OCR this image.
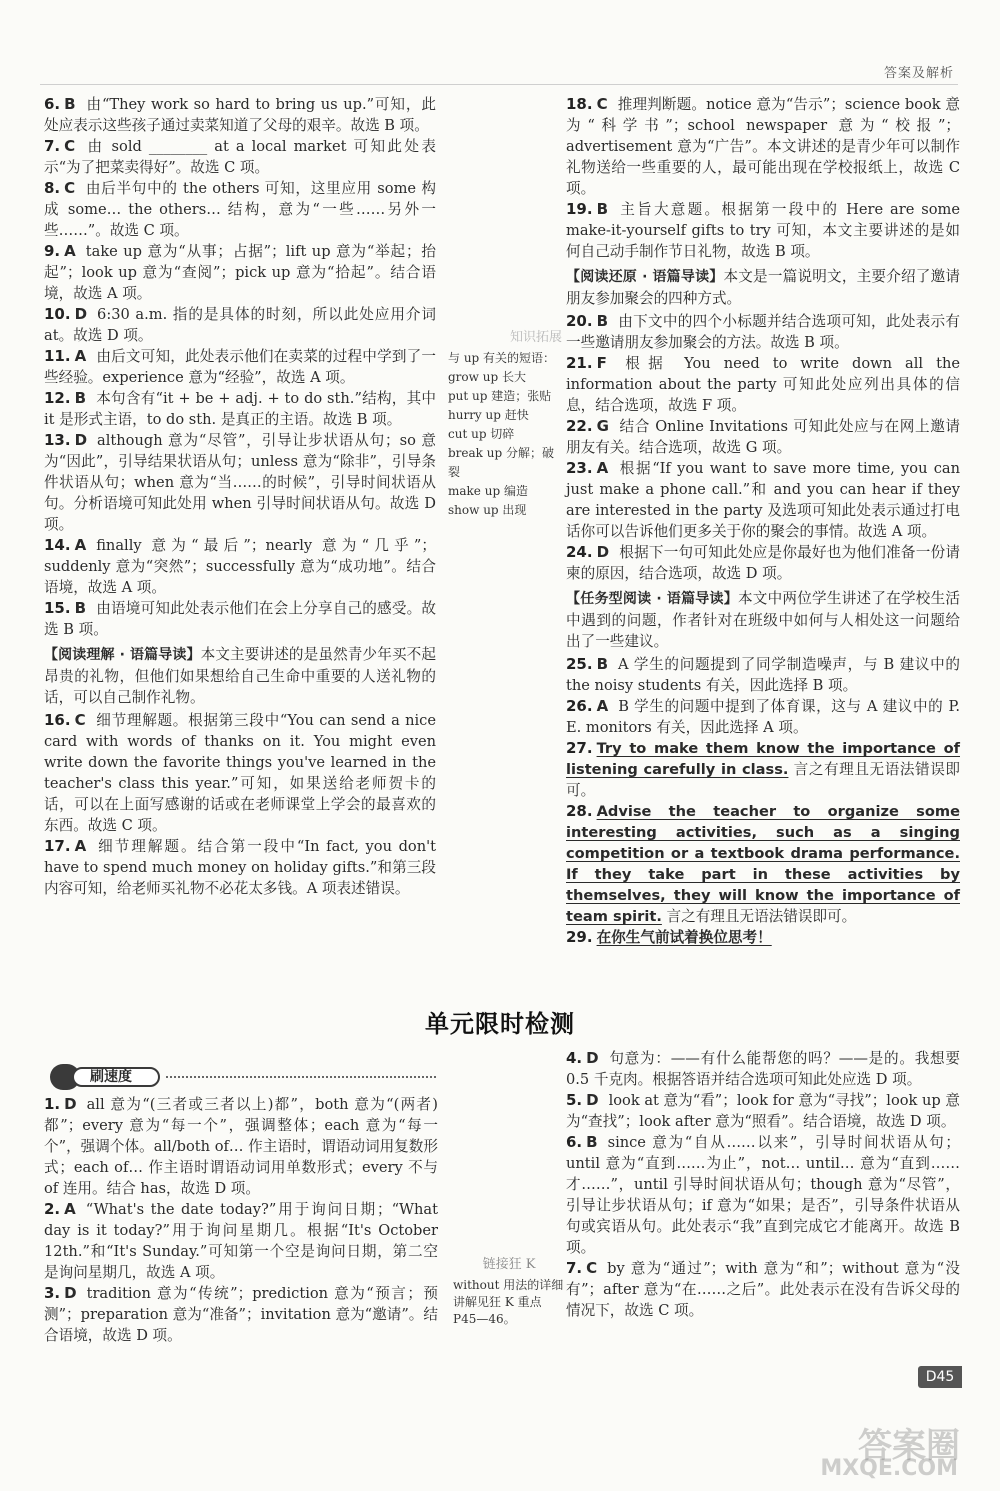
答案及解析
6. B 由“They work so hard to bring us up.”可知，此处应表示这些孩子通过卖菜知道了父母的艰辛。故选 B 项。
7. C 由 sold ________ at a local market 可知此处表示“为了把菜卖得好”。故选 C 项。
8. C 由后半句中的 the others 可知，这里应用 some 构成 some… the others… 结构，意为“一些……另外一些……”。故选 C 项。
9. A take up 意为“从事；占据”；lift up 意为“举起；抬起”；look up 意为“查阅”；pick up 意为“拾起”。结合语境，故选 A 项。
10. D 6:30 a.m. 指的是具体的时刻，所以此处应用介词 at。故选 D 项。
11. A 由后文可知，此处表示他们在卖菜的过程中学到了一些经验。experience 意为“经验”，故选 A 项。
12. B 本句含有“it + be + adj. + to do sth.”结构，其中 it 是形式主语，to do sth. 是真正的主语。故选 B 项。
13. D although 意为“尽管”，引导让步状语从句；so 意为“因此”，引导结果状语从句；unless 意为“除非”，引导条件状语从句；when 意为“当……的时候”，引导时间状语从句。分析语境可知此处用 when 引导时间状语从句。故选 D 项。
14. A finally 意为“最后”；nearly 意为“几乎”；suddenly 意为“突然”；successfully 意为“成功地”。结合语境，故选 A 项。
15. B 由语境可知此处表示他们在会上分享自己的感受。故选 B 项。
【阅读理解 · 语篇导读】本文主要讲述的是虽然青少年买不起昂贵的礼物，但他们如果想给自己生命中重要的人送礼物的话，可以自己制作礼物。
16. C 细节理解题。根据第三段中“You can send a nice card with words of thanks on it. You might even write down the favorite things you've learned in the teacher's class this year.”可知，如果送给老师贺卡的话，可以在上面写感谢的话或在老师课堂上学会的最喜欢的东西。故选 C 项。
17. A 细节理解题。结合第一段中“In fact, you don't have to spend much money on holiday gifts.”和第三段内容可知，给老师买礼物不必花太多钱。A 项表述错误。
知识拓展
与 up 有关的短语：
grow up 长大
put up 建造；张贴
hurry up 赶快
cut up 切碎
break up 分解；破裂
make up 编造
show up 出现
18. C 推理判断题。notice 意为“告示”；science book 意为“科学书”；school newspaper 意为“校报”；advertisement 意为“广告”。本文讲述的是青少年可以制作礼物送给一些重要的人，最可能出现在学校报纸上，故选 C 项。
19. B 主旨大意题。根据第一段中的 Here are some make-it-yourself gifts to try 可知，本文主要讲述的是如何自己动手制作节日礼物，故选 B 项。
【阅读还原 · 语篇导读】本文是一篇说明文，主要介绍了邀请朋友参加聚会的四种方式。
20. B 由下文中的四个小标题并结合选项可知，此处表示有一些邀请朋友参加聚会的方法。故选 B 项。
21. F 根据 You need to write down all the information about the party 可知此处应列出具体的信息，结合选项，故选 F 项。
22. G 结合 Online Invitations 可知此处应与在网上邀请朋友有关。结合选项，故选 G 项。
23. A 根据“If you want to save more time, you can just make a phone call.”和 and you can hear if they are interested in the party 及选项可知此处表示通过打电话你可以告诉他们更多关于你的聚会的事情。故选 A 项。
24. D 根据下一句可知此处应是你最好也为他们准备一份请柬的原因，结合选项，故选 D 项。
【任务型阅读 · 语篇导读】本文中两位学生讲述了在学校生活中遇到的问题，作者针对在班级中如何与人相处这一问题给出了一些建议。
25. B A 学生的问题提到了同学制造噪声，与 B 建议中的 the noisy students 有关，因此选择 B 项。
26. A B 学生的问题中提到了体育课，这与 A 建议中的 P. E. monitors 有关，因此选择 A 项。
27. Try to make them know the importance of listening carefully in class. 言之有理且无语法错误即可。
28. Advise the teacher to organize some interesting activities, such as a singing competition or a textbook drama performance. If they take part in these activities by themselves, they will know the importance of team spirit. 言之有理且无语法错误即可。
29. 在你生气前试着换位思考！
单元限时检测
刷速度
1. D all 意为“(三者或三者以上)都”，both 意为“(两者)都”；every 意为“每一个”，强调整体；each 意为“每一个”，强调个体。all/both of… 作主语时，谓语动词用复数形式；each of… 作主语时谓语动词用单数形式；every 不与 of 连用。结合 has，故选 D 项。
2. A “What's the date today?”用于询问日期；“What day is it today?”用于询问星期几。根据“It's October 12th.”和“It's Sunday.”可知第一个空是询问日期，第二空是询问星期几，故选 A 项。
3. D tradition 意为“传统”；prediction 意为“预言；预测”；preparation 意为“准备”；invitation 意为“邀请”。结合语境，故选 D 项。
链接狂 K
without 用法的详细讲解见狂 K 重点 P45—46。
4. D 句意为：——有什么能帮您的吗？——是的。我想要 0.5 千克肉。根据答语并结合选项可知此处应选 D 项。
5. D look at 意为“看”；look for 意为“寻找”；look up 意为“查找”；look after 意为“照看”。结合语境，故选 D 项。
6. B since 意为“自从……以来”，引导时间状语从句；until 意为“直到……为止”，not… until… 意为“直到……才……”，until 引导时间状语从句；though 意为“尽管”，引导让步状语从句；if 意为“如果；是否”，引导条件状语从句或宾语从句。此处表示“我”直到完成它才能离开。故选 B 项。
7. C by 意为“通过”；with 意为“和”；without 意为“没有”；after 意为“在……之后”。此处表示在没有告诉父母的情况下，故选 C 项。
D45
答案圈
MXQE.COM
